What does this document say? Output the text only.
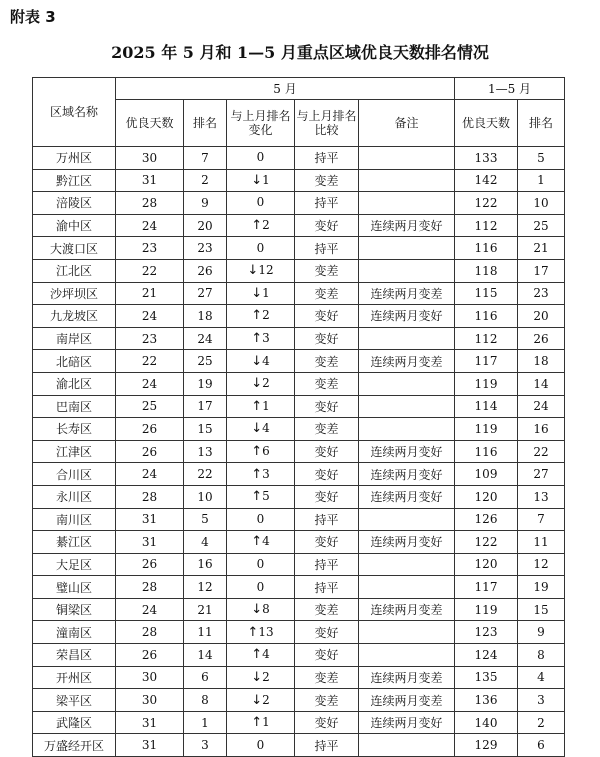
附表 3
2025 年 5 月和 1—5 月重点区域优良天数排名情况
区域名称	5 月					1—5 月	
	优良天数	排名	与上月排名变化	与上月排名比较	备注	优良天数	排名
万州区	30	7	0	持平		133	5
黔江区	31	2	↓1	变差		142	1
涪陵区	28	9	0	持平		122	10
渝中区	24	20	↑2	变好	连续两月变好	112	25
大渡口区	23	23	0	持平		116	21
江北区	22	26	↓12	变差		118	17
沙坪坝区	21	27	↓1	变差	连续两月变差	115	23
九龙坡区	24	18	↑2	变好	连续两月变好	116	20
南岸区	23	24	↑3	变好		112	26
北碚区	22	25	↓4	变差	连续两月变差	117	18
渝北区	24	19	↓2	变差		119	14
巴南区	25	17	↑1	变好		114	24
长寿区	26	15	↓4	变差		119	16
江津区	26	13	↑6	变好	连续两月变好	116	22
合川区	24	22	↑3	变好	连续两月变好	109	27
永川区	28	10	↑5	变好	连续两月变好	120	13
南川区	31	5	0	持平		126	7
綦江区	31	4	↑4	变好	连续两月变好	122	11
大足区	26	16	0	持平		120	12
璧山区	28	12	0	持平		117	19
铜梁区	24	21	↓8	变差	连续两月变差	119	15
潼南区	28	11	↑13	变好		123	9
荣昌区	26	14	↑4	变好		124	8
开州区	30	6	↓2	变差	连续两月变差	135	4
梁平区	30	8	↓2	变差	连续两月变差	136	3
武隆区	31	1	↑1	变好	连续两月变好	140	2
万盛经开区	31	3	0	持平		129	6
